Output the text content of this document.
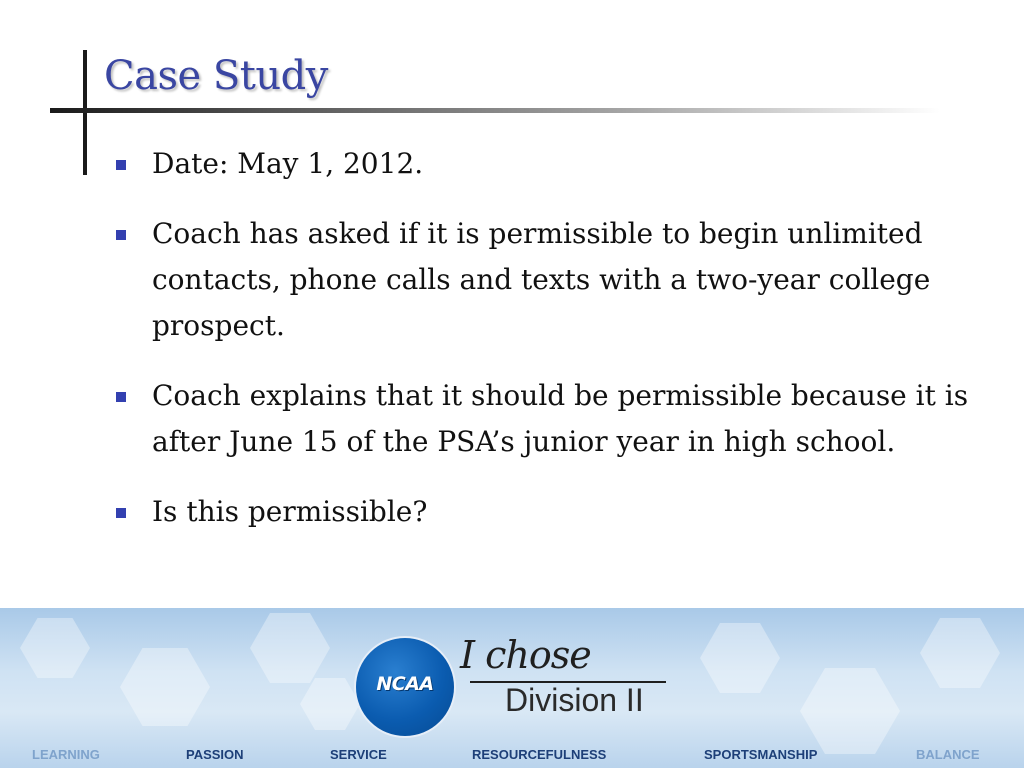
Case Study
Date: May 1, 2012.
Coach has asked if it is permissible to begin unlimited contacts, phone calls and texts with a two-year college prospect.
Coach explains that it should be permissible because it is after June 15 of the PSA’s junior year in high school.
Is this permissible?
NCAA
I chose
Division II
LEARNING	PASSION	SERVICE	RESOURCEFULNESS	SPORTSMANSHIP	BALANCE
